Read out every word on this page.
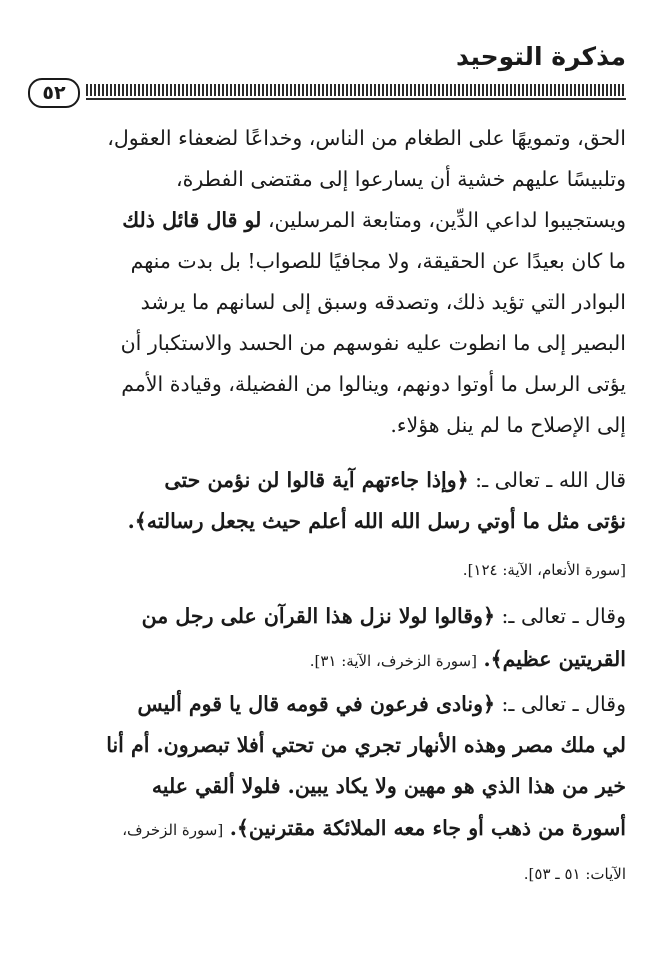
مذكرة التوحيد
٥٢

الحق، وتمويهًا على الطغام من الناس، وخداعًا لضعفاء العقول،

وتلبيسًا عليهم خشية أن يسارعوا إلى مقتضى الفطرة،

ويستجيبوا لداعي الدِّين، ومتابعة المرسلين، لو قال قائل ذلك

ما كان بعيدًا عن الحقيقة، ولا مجافيًا للصواب! بل بدت منهم

البوادر التي تؤيد ذلك، وتصدقه وسبق إلى لسانهم ما يرشد

البصير إلى ما انطوت عليه نفوسهم من الحسد والاستكبار أن

يؤتى الرسل ما أوتوا دونهم، وينالوا من الفضيلة، وقيادة الأمم

إلى الإصلاح ما لم ينل هؤلاء.

قال الله ـ تعالى ـ: ﴿وإذا جاءتهم آية قالوا لن نؤمن حتى
نؤتى مثل ما أوتي رسل الله الله أعلم حيث يجعل رسالته﴾.
[سورة الأنعام، الآية: ١٢٤].
وقال ـ تعالى ـ: ﴿وقالوا لولا نزل هذا القرآن على رجل من
القريتين عظيم﴾. [سورة الزخرف، الآية: ٣١].
وقال ـ تعالى ـ: ﴿ونادى فرعون في قومه قال يا قوم أليس
لي ملك مصر وهذه الأنهار تجري من تحتي أفلا تبصرون. أم أنا
خير من هذا الذي هو مهين ولا يكاد يبين. فلولا ألقي عليه
أسورة من ذهب أو جاء معه الملائكة مقترنين﴾. [سورة الزخرف،
الآيات: ٥١ ـ ٥٣].
